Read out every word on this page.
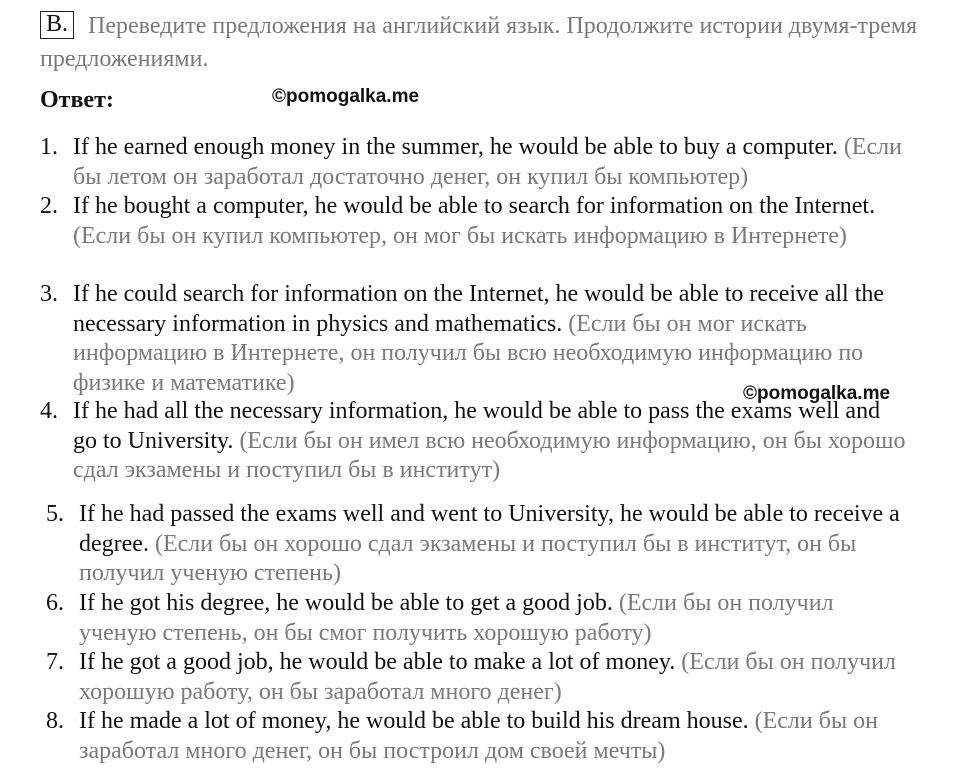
B. Переведите предложения на английский язык. Продолжите истории двумя-тремя предложениями.
Ответ:	©pomogalka.me
©pomogalka.me
1. If he earned enough money in the summer, he would be able to buy a computer. (Если бы летом он заработал достаточно денег, он купил бы компьютер)
2. If he bought a computer, he would be able to search for information on the Internet. (Если бы он купил компьютер, он мог бы искать информацию в Интернете)
3. If he could search for information on the Internet, he would be able to receive all the necessary information in physics and mathematics. (Если бы он мог искать информацию в Интернете, он получил бы всю необходимую информацию по физике и математике)
4. If he had all the necessary information, he would be able to pass the exams well and go to University. (Если бы он имел всю необходимую информацию, он бы хорошо сдал экзамены и поступил бы в институт)
5. If he had passed the exams well and went to University, he would be able to receive a degree. (Если бы он хорошо сдал экзамены и поступил бы в институт, он бы получил ученую степень)
6. If he got his degree, he would be able to get a good job. (Если бы он получил ученую степень, он бы смог получить хорошую работу)
7. If he got a good job, he would be able to make a lot of money. (Если бы он получил хорошую работу, он бы заработал много денег)
8. If he made a lot of money, he would be able to build his dream house. (Если бы он заработал много денег, он бы построил дом своей мечты)
